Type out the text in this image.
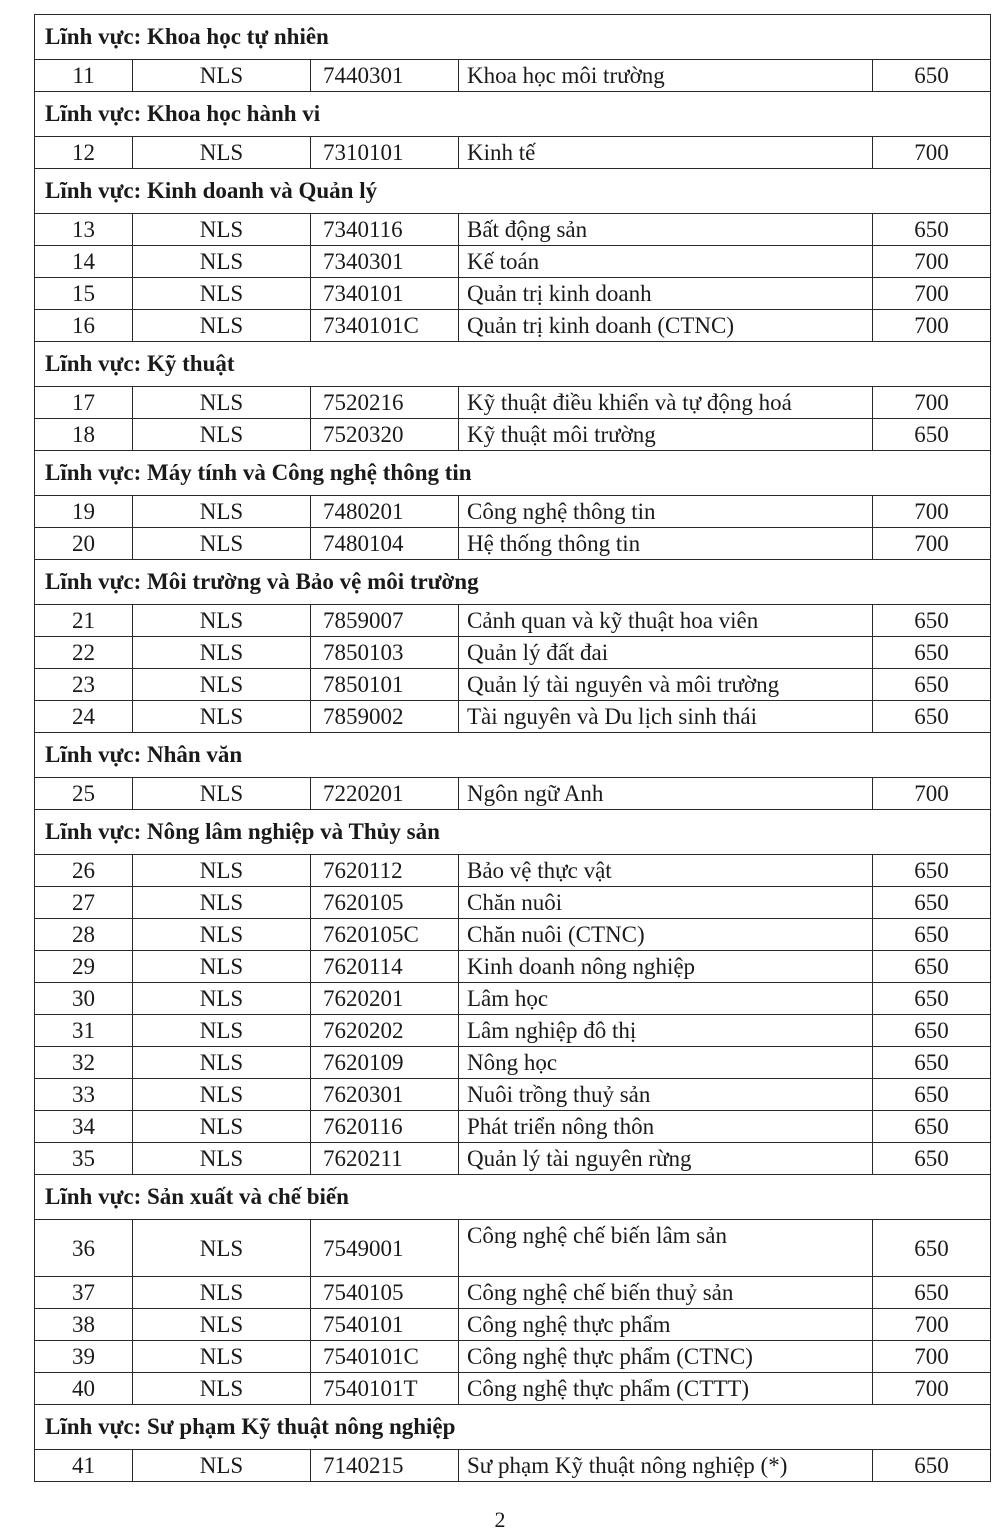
Lĩnh vực: Khoa học tự nhiên				
11	NLS	7440301	Khoa học môi trường	650
Lĩnh vực: Khoa học hành vi				
12	NLS	7310101	Kinh tế	700
Lĩnh vực: Kinh doanh và Quản lý				
13	NLS	7340116	Bất động sản	650
14	NLS	7340301	Kế toán	700
15	NLS	7340101	Quản trị kinh doanh	700
16	NLS	7340101C	Quản trị kinh doanh (CTNC)	700
Lĩnh vực: Kỹ thuật				
17	NLS	7520216	Kỹ thuật điều khiển và tự động hoá	700
18	NLS	7520320	Kỹ thuật môi trường	650
Lĩnh vực: Máy tính và Công nghệ thông tin				
19	NLS	7480201	Công nghệ thông tin	700
20	NLS	7480104	Hệ thống thông tin	700
Lĩnh vực: Môi trường và Bảo vệ môi trường				
21	NLS	7859007	Cảnh quan và kỹ thuật hoa viên	650
22	NLS	7850103	Quản lý đất đai	650
23	NLS	7850101	Quản lý tài nguyên và môi trường	650
24	NLS	7859002	Tài nguyên và Du lịch sinh thái	650
Lĩnh vực: Nhân văn				
25	NLS	7220201	Ngôn ngữ Anh	700
Lĩnh vực: Nông lâm nghiệp và Thủy sản				
26	NLS	7620112	Bảo vệ thực vật	650
27	NLS	7620105	Chăn nuôi	650
28	NLS	7620105C	Chăn nuôi (CTNC)	650
29	NLS	7620114	Kinh doanh nông nghiệp	650
30	NLS	7620201	Lâm học	650
31	NLS	7620202	Lâm nghiệp đô thị	650
32	NLS	7620109	Nông học	650
33	NLS	7620301	Nuôi trồng thuỷ sản	650
34	NLS	7620116	Phát triển nông thôn	650
35	NLS	7620211	Quản lý tài nguyên rừng	650
Lĩnh vực: Sản xuất và chế biến				
36	NLS	7549001	Công nghệ chế biến lâm sản	650
37	NLS	7540105	Công nghệ chế biến thuỷ sản	650
38	NLS	7540101	Công nghệ thực phẩm	700
39	NLS	7540101C	Công nghệ thực phẩm (CTNC)	700
40	NLS	7540101T	Công nghệ thực phẩm (CTTT)	700
Lĩnh vực: Sư phạm Kỹ thuật nông nghiệp				
41	NLS	7140215	Sư phạm Kỹ thuật nông nghiệp (*)	650
2
